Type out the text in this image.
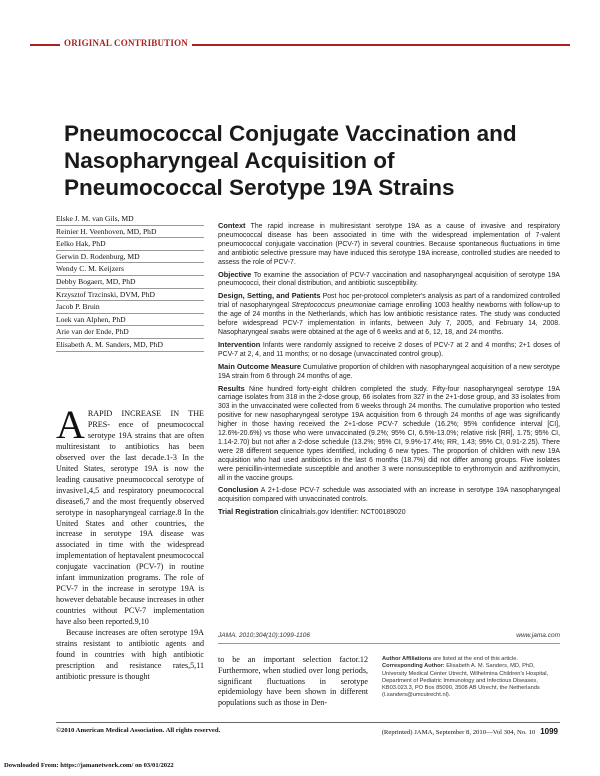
ORIGINAL CONTRIBUTION
Pneumococcal Conjugate Vaccination and Nasopharyngeal Acquisition of Pneumococcal Serotype 19A Strains
Elske J. M. van Gils, MD
Reinier H. Veenhoven, MD, PhD
Eelko Hak, PhD
Gerwin D. Rodenburg, MD
Wendy C. M. Keijzers
Debby Bogaert, MD, PhD
Krzysztof Trzcinski, DVM, PhD
Jacob P. Bruin
Loek van Alphen, PhD
Arie van der Ende, PhD
Elisabeth A. M. Sanders, MD, PhD

Context The rapid increase in multiresistant serotype 19A as a cause of invasive and respiratory pneumococcal disease has been associated in time with the widespread implementation of 7-valent pneumococcal conjugate vaccination (PCV-7) in several countries. Because spontaneous fluctuations in time and antibiotic selective pressure may have induced this serotype 19A increase, controlled studies are needed to assess the role of PCV-7.

Objective To examine the association of PCV-7 vaccination and nasopharyngeal acquisition of serotype 19A pneumococci, their clonal distribution, and antibiotic susceptibility.

Design, Setting, and Patients Post hoc per-protocol completer's analysis as part of a randomized controlled trial of nasopharyngeal Streptococcus pneumoniae carriage enrolling 1003 healthy newborns with follow-up to the age of 24 months in the Netherlands, which has low antibiotic resistance rates. The study was conducted before widespread PCV-7 implementation in infants, between July 7, 2005, and February 14, 2008. Nasopharyngeal swabs were obtained at the age of 6 weeks and at 6, 12, 18, and 24 months.

Intervention Infants were randomly assigned to receive 2 doses of PCV-7 at 2 and 4 months; 2+1 doses of PCV-7 at 2, 4, and 11 months; or no dosage (unvaccinated control group).

Main Outcome Measure Cumulative proportion of children with nasopharyngeal acquisition of a new serotype 19A strain from 6 through 24 months of age.

Results Nine hundred forty-eight children completed the study. Fifty-four nasopharyngeal serotype 19A carriage isolates from 318 in the 2-dose group, 66 isolates from 327 in the 2+1-dose group, and 33 isolates from 303 in the unvaccinated were collected from 6 weeks through 24 months. The cumulative proportion who tested positive for new nasopharyngeal serotype 19A acquisition from 6 through 24 months of age was significantly higher in those having received the 2+1-dose PCV-7 schedule (16.2%; 95% confidence interval [CI], 12.6%-20.6%) vs those who were unvaccinated (9.2%; 95% CI, 6.5%-13.0%; relative risk [RR], 1.75; 95% CI, 1.14-2.70) but not after a 2-dose schedule (13.2%; 95% CI, 9.9%-17.4%; RR, 1.43; 95% CI, 0.91-2.25). There were 28 different sequence types identified, including 6 new types. The proportion of children with new 19A acquisition who had used antibiotics in the last 6 months (18.7%) did not differ among groups. Five isolates were penicillin-intermediate susceptible and another 3 were nonsusceptible to erythromycin and azithromycin, all in the vaccine groups.

Conclusion A 2+1-dose PCV-7 schedule was associated with an increase in serotype 19A nasopharyngeal acquisition compared with unvaccinated controls.

Trial Registration clinicaltrials.gov Identifier: NCT00189020

JAMA. 2010;304(10):1099-1106	www.jama.com

ARAPID INCREASE IN THE PRES- ence of pneumococcal serotype 19A strains that are often multiresistant to antibiotics has been observed over the last decade.1-3 In the United States, serotype 19A is now the leading causative pneumococcal serotype of invasive1,4,5 and respiratory pneumococcal disease6,7 and the most frequently observed serotype in nasopharyngeal carriage.8 In the United States and other countries, the increase in serotype 19A disease was associated in time with the widespread implementation of heptavalent pneumococcal conjugate vaccination (PCV-7) in routine infant immunization programs. The role of PCV-7 in the increase in serotype 19A is however debatable because increases in other countries without PCV-7 implementation have also been reported.9,10

Because increases are often serotype 19A strains resistant to antibiotic agents and found in countries with high antibiotic prescription and resistance rates,5,11 antibiotic pressure is thought

to be an important selection factor.12 Furthermore, when studied over long periods, significant fluctuations in serotype epidemiology have been shown in different populations such as those in Den-
Author Affiliations are listed at the end of this article.
Corresponding Author: Elisabeth A. M. Sanders, MD, PhD, University Medical Center Utrecht, Wilhelmina Children's Hospital, Department of Pediatric Immunology and Infectious Diseases, KB03.023.3, PO Box 85090, 3508 AB Utrecht, the Netherlands (l.sanders@umcutrecht.nl).
©2010 American Medical Association. All rights reserved.	(Reprinted) JAMA, September 8, 2010—Vol 304, No. 10 1099
Downloaded From: https://jamanetwork.com/ on 03/01/2022
